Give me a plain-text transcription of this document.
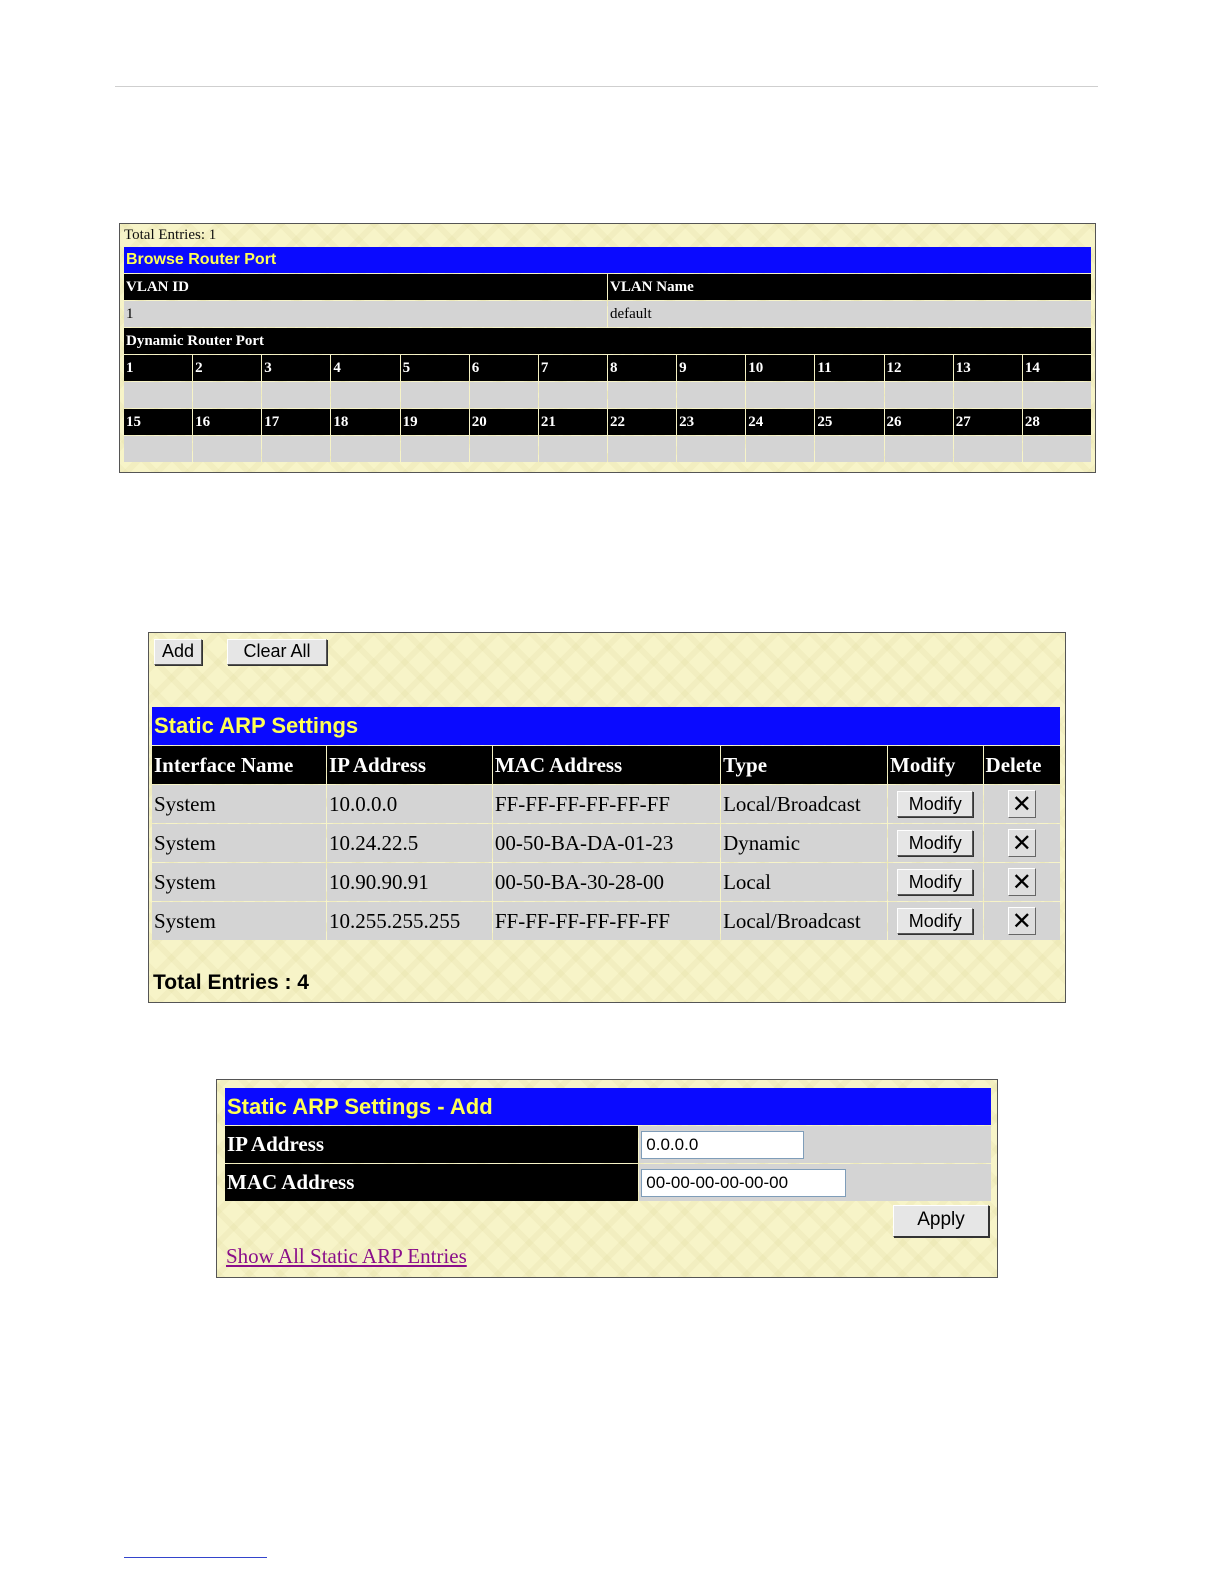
Total Entries: 1
Browse Router Port													
VLAN ID							VLAN Name						
1							default						
Dynamic Router Port													
1	2	3	4	5	6	7	8	9	10	11	12	13	14

15	16	17	18	19	20	21	22	23	24	25	26	27	28

Add	Clear All
Static ARP Settings					
Interface Name	IP Address	MAC Address	Type	Modify	Delete
System	10.0.0.0	FF-FF-FF-FF-FF-FF	Local/Broadcast	Modify	✕
System	10.24.22.5	00-50-BA-DA-01-23	Dynamic	Modify	✕
System	10.90.90.91	00-50-BA-30-28-00	Local	Modify	✕
System	10.255.255.255	FF-FF-FF-FF-FF-FF	Local/Broadcast	Modify	✕
Total Entries : 4
Static ARP Settings - Add	
IP Address	0.0.0.0
MAC Address	00-00-00-00-00-00
Apply
Show All Static ARP Entries
